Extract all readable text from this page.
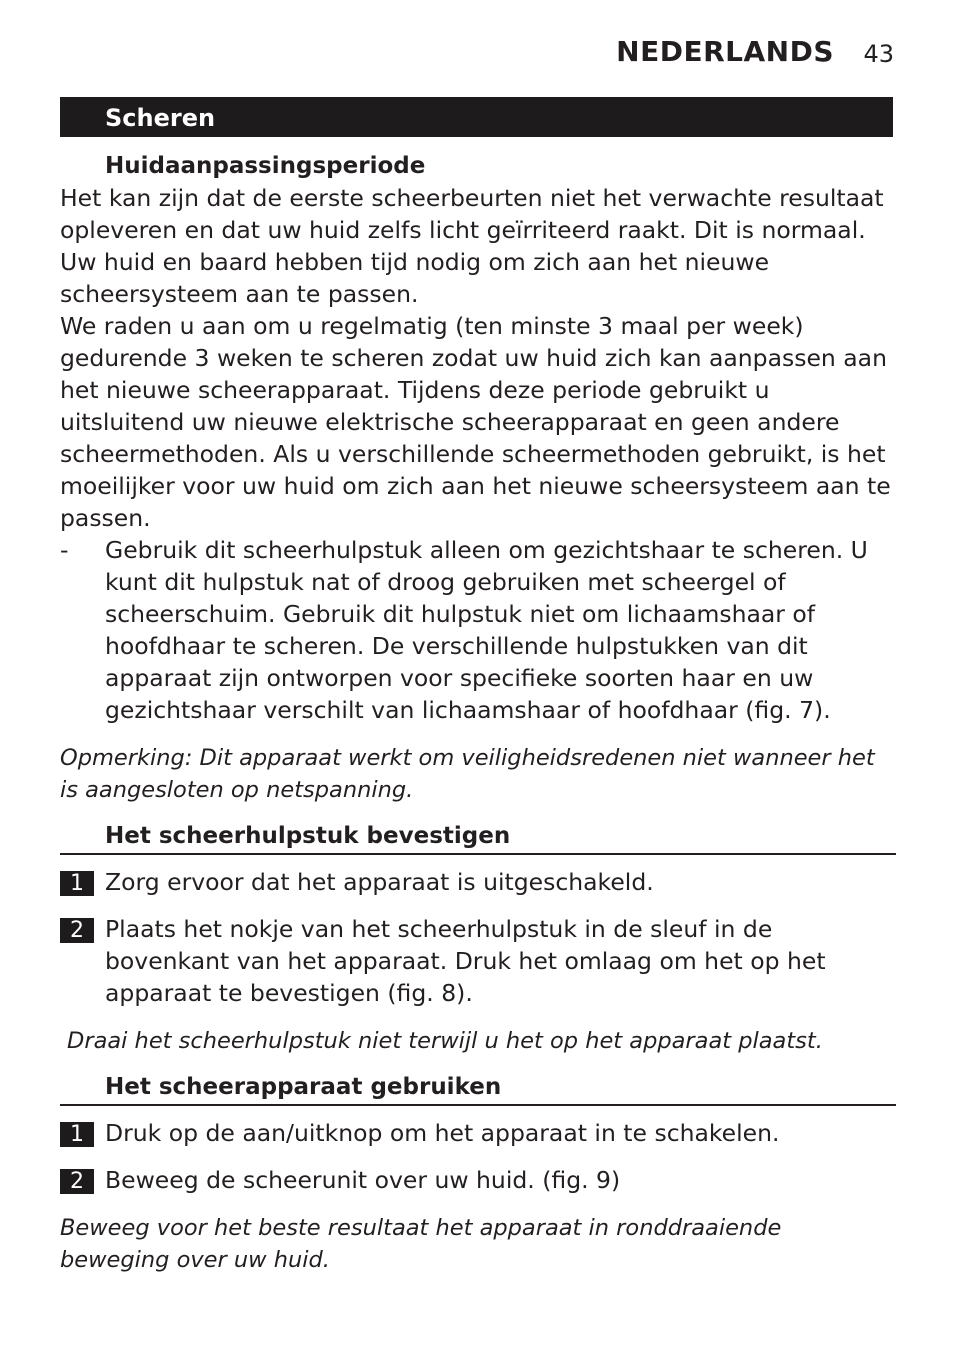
NEDERLANDS 43
Scheren
Huidaanpassingsperiode

Het kan zijn dat de eerste scheerbeurten niet het verwachte resultaat opleveren en dat uw huid zelfs licht geïrriteerd raakt. Dit is normaal. Uw huid en baard hebben tijd nodig om zich aan het nieuwe scheersysteem aan te passen.

We raden u aan om u regelmatig (ten minste 3 maal per week) gedurende 3 weken te scheren zodat uw huid zich kan aanpassen aan het nieuwe scheerapparaat. Tijdens deze periode gebruikt u uitsluitend uw nieuwe elektrische scheerapparaat en geen andere scheermethoden. Als u verschillende scheermethoden gebruikt, is het moeilijker voor uw huid om zich aan het nieuwe scheersysteem aan te passen.

-	Gebruik dit scheerhulpstuk alleen om gezichtshaar te scheren. U kunt dit hulpstuk nat of droog gebruiken met scheergel of scheerschuim. Gebruik dit hulpstuk niet om lichaamshaar of hoofdhaar te scheren. De verschillende hulpstukken van dit apparaat zijn ontworpen voor specifieke soorten haar en uw gezichtshaar verschilt van lichaamshaar of hoofdhaar (fig. 7).

Opmerking: Dit apparaat werkt om veiligheidsredenen niet wanneer het is aangesloten op netspanning.

Het scheerhulpstuk bevestigen
1 Zorg ervoor dat het apparaat is uitgeschakeld.
2 Plaats het nokje van het scheerhulpstuk in de sleuf in de bovenkant van het apparaat. Druk het omlaag om het op het apparaat te bevestigen (fig. 8).

Draai het scheerhulpstuk niet terwijl u het op het apparaat plaatst.

Het scheerapparaat gebruiken
1 Druk op de aan/uitknop om het apparaat in te schakelen.
2 Beweeg de scheerunit over uw huid. (fig. 9)

Beweeg voor het beste resultaat het apparaat in ronddraaiende beweging over uw huid.
